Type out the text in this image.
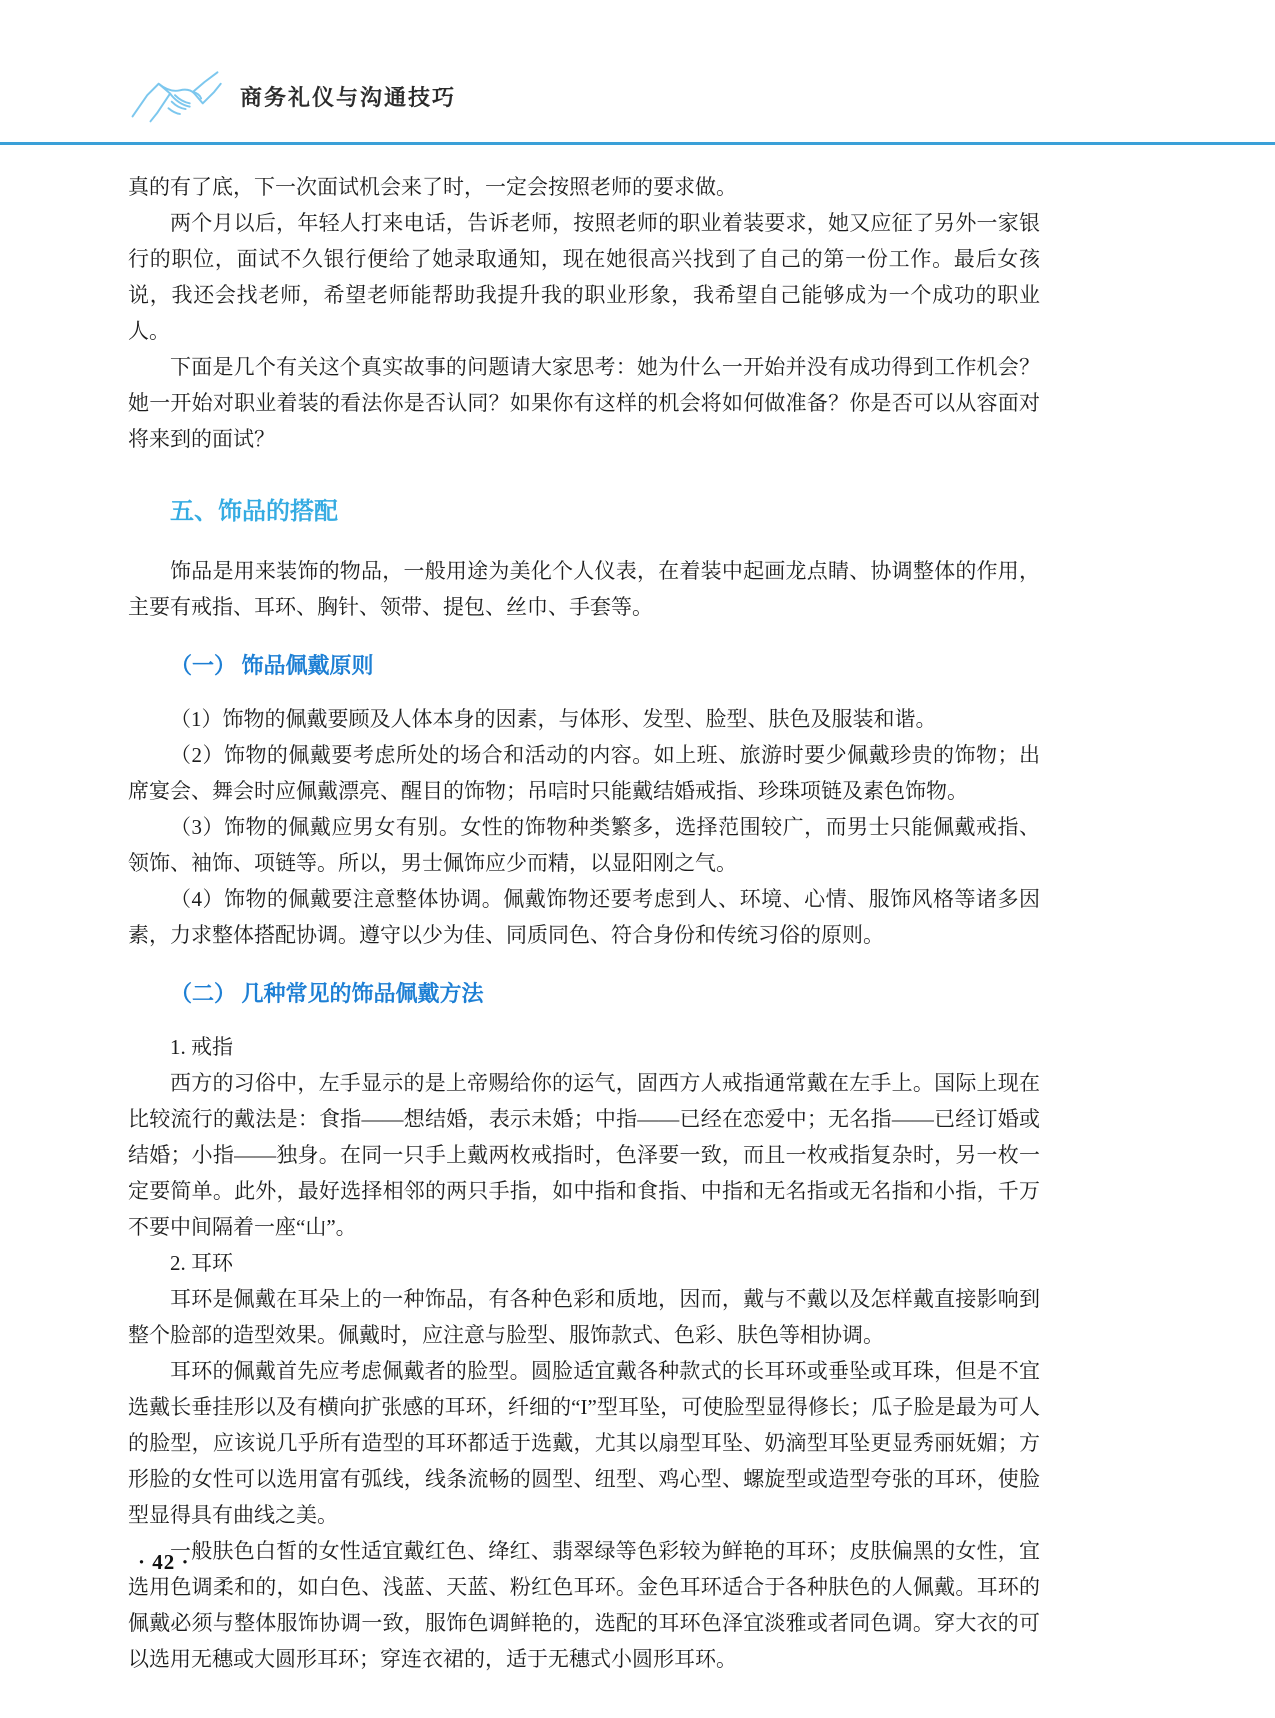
商务礼仪与沟通技巧

真的有了底，下一次面试机会来了时，一定会按照老师的要求做。

两个月以后，年轻人打来电话，告诉老师，按照老师的职业着装要求，她又应征了另外一家银行的职位，面试不久银行便给了她录取通知，现在她很高兴找到了自己的第一份工作。最后女孩说，我还会找老师，希望老师能帮助我提升我的职业形象，我希望自己能够成为一个成功的职业人。

下面是几个有关这个真实故事的问题请大家思考：她为什么一开始并没有成功得到工作机会？她一开始对职业着装的看法你是否认同？如果你有这样的机会将如何做准备？你是否可以从容面对将来到的面试？

五、饰品的搭配

饰品是用来装饰的物品，一般用途为美化个人仪表，在着装中起画龙点睛、协调整体的作用，主要有戒指、耳环、胸针、领带、提包、丝巾、手套等。

（一） 饰品佩戴原则

（1）饰物的佩戴要顾及人体本身的因素，与体形、发型、脸型、肤色及服装和谐。

（2）饰物的佩戴要考虑所处的场合和活动的内容。如上班、旅游时要少佩戴珍贵的饰物；出席宴会、舞会时应佩戴漂亮、醒目的饰物；吊唁时只能戴结婚戒指、珍珠项链及素色饰物。

（3）饰物的佩戴应男女有别。女性的饰物种类繁多，选择范围较广，而男士只能佩戴戒指、领饰、袖饰、项链等。所以，男士佩饰应少而精，以显阳刚之气。

（4）饰物的佩戴要注意整体协调。佩戴饰物还要考虑到人、环境、心情、服饰风格等诸多因素，力求整体搭配协调。遵守以少为佳、同质同色、符合身份和传统习俗的原则。

（二） 几种常见的饰品佩戴方法

1. 戒指

西方的习俗中，左手显示的是上帝赐给你的运气，固西方人戒指通常戴在左手上。国际上现在比较流行的戴法是：食指——想结婚，表示未婚；中指——已经在恋爱中；无名指——已经订婚或结婚；小指——独身。在同一只手上戴两枚戒指时，色泽要一致，而且一枚戒指复杂时，另一枚一定要简单。此外，最好选择相邻的两只手指，如中指和食指、中指和无名指或无名指和小指，千万不要中间隔着一座“山”。

2. 耳环

耳环是佩戴在耳朵上的一种饰品，有各种色彩和质地，因而，戴与不戴以及怎样戴直接影响到整个脸部的造型效果。佩戴时，应注意与脸型、服饰款式、色彩、肤色等相协调。

耳环的佩戴首先应考虑佩戴者的脸型。圆脸适宜戴各种款式的长耳环或垂坠或耳珠，但是不宜选戴长垂挂形以及有横向扩张感的耳环，纤细的“I”型耳坠，可使脸型显得修长；瓜子脸是最为可人的脸型，应该说几乎所有造型的耳环都适于选戴，尤其以扇型耳坠、奶滴型耳坠更显秀丽妩媚；方形脸的女性可以选用富有弧线，线条流畅的圆型、纽型、鸡心型、螺旋型或造型夸张的耳环，使脸型显得具有曲线之美。

一般肤色白皙的女性适宜戴红色、绛红、翡翠绿等色彩较为鲜艳的耳环；皮肤偏黑的女性，宜选用色调柔和的，如白色、浅蓝、天蓝、粉红色耳环。金色耳环适合于各种肤色的人佩戴。耳环的佩戴必须与整体服饰协调一致，服饰色调鲜艳的，选配的耳环色泽宜淡雅或者同色调。穿大衣的可以选用无穗或大圆形耳环；穿连衣裙的，适于无穗式小圆形耳环。

· 42 ·
